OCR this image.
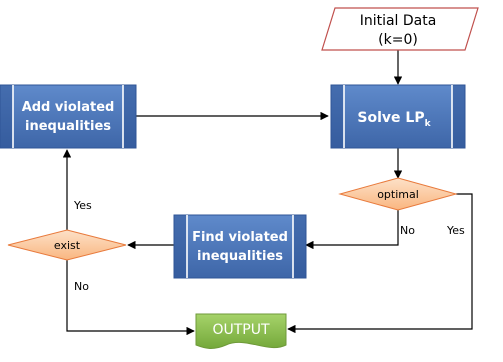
Initial Data
(k=0)
Solve $LP_k$
Add violated
inequalities
Find violated
inequalities
optimal
exist
OUTPUT
No	Yes
Yes
No
